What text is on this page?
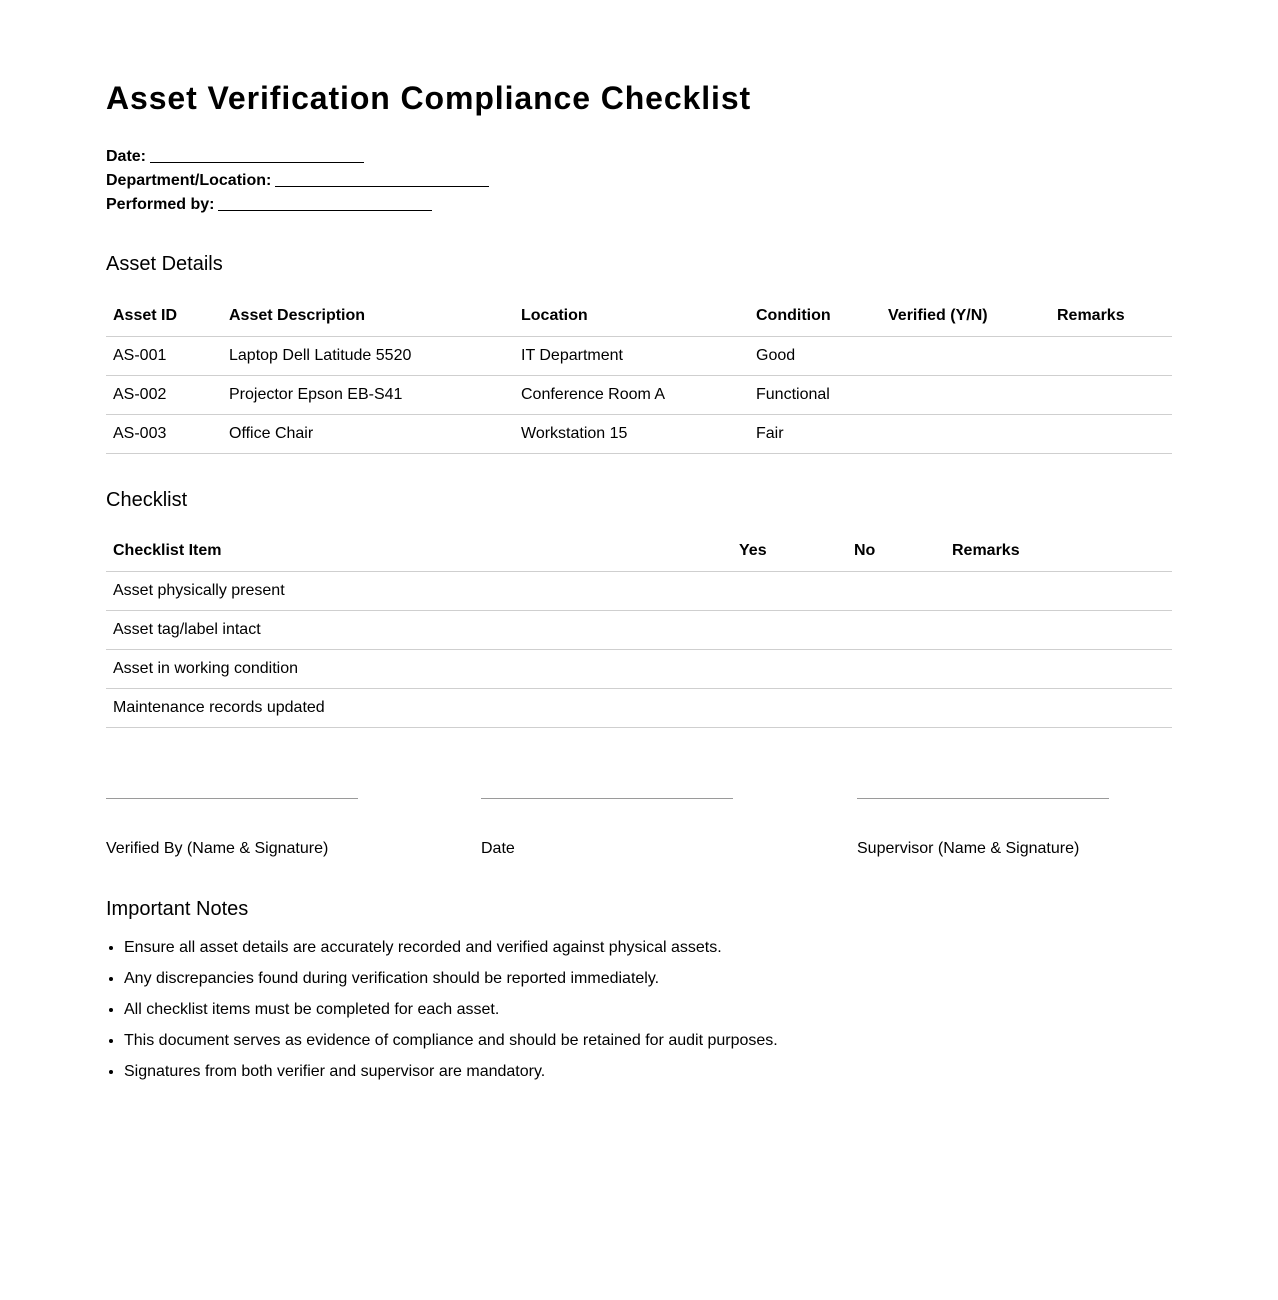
Asset Verification Compliance Checklist
Date:
Department/Location:
Performed by:
Asset Details
Asset ID	Asset Description	Location	Condition	Verified (Y/N)	Remarks
AS-001	Laptop Dell Latitude 5520	IT Department	Good		
AS-002	Projector Epson EB-S41	Conference Room A	Functional		
AS-003	Office Chair	Workstation 15	Fair		
Checklist
Checklist Item	Yes	No	Remarks
Asset physically present			
Asset tag/label intact			
Asset in working condition			
Maintenance records updated			
Verified By (Name & Signature)	Date	Supervisor (Name & Signature)
Important Notes
• Ensure all asset details are accurately recorded and verified against physical assets.
• Any discrepancies found during verification should be reported immediately.
• All checklist items must be completed for each asset.
• This document serves as evidence of compliance and should be retained for audit purposes.
• Signatures from both verifier and supervisor are mandatory.
